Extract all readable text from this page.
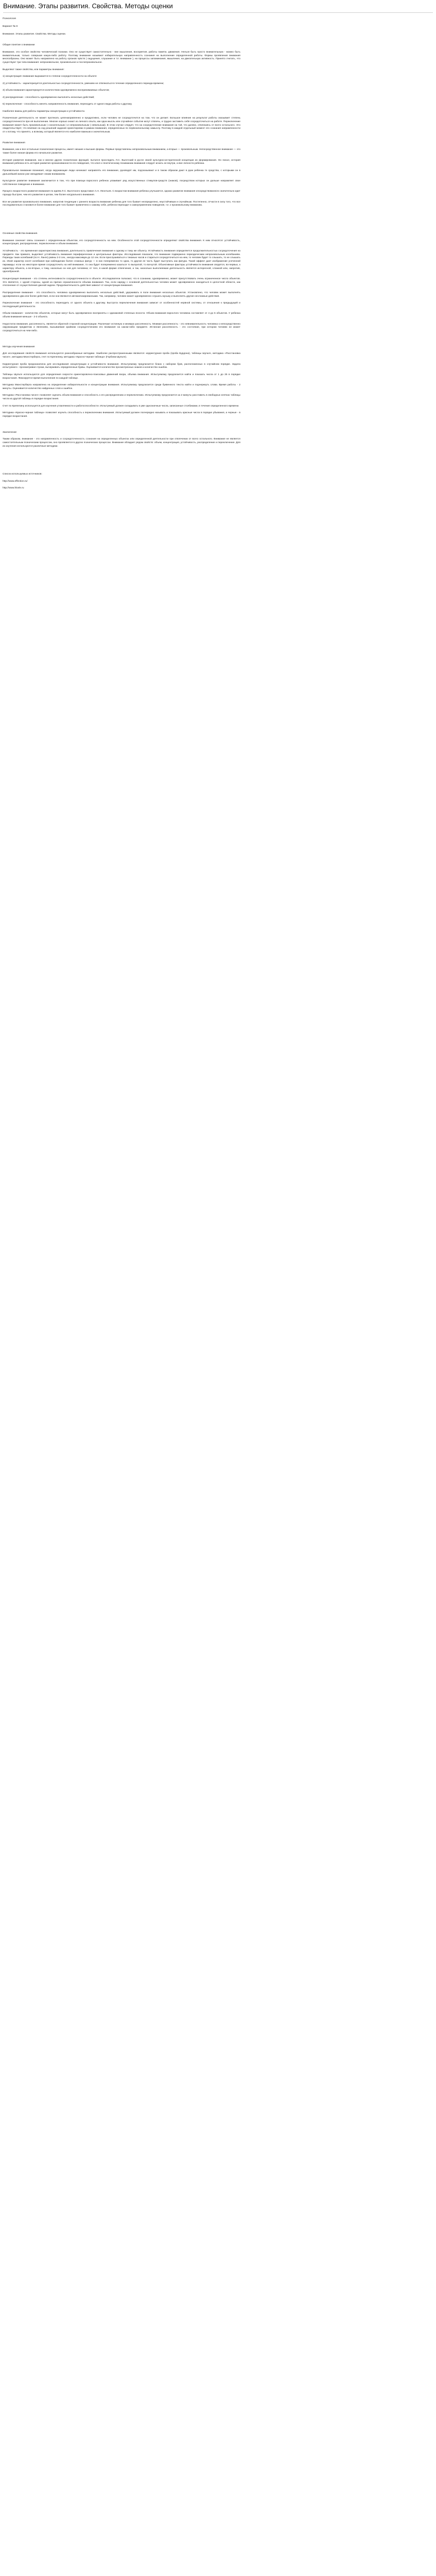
Внимание. Этапы развития. Свойства. Методы оценки

Психология

Вариант № 8

Внимание. Этапы развития. Свойства. Методы оценки.

Общие понятие о внимании

Внимание, это особое свойство человеческой психики. Оно не существует самостоятельно - вне мышления, восприятия, работы памяти, движения. Нельзя быть просто внимательным - можно быть внимательным, только совершая какую-либо работу. Поэтому внимание называют избирательную направленность сознания на выполнение определенной работы. Формы проявления внимания многообразны. Оно может быть направлено на работу органов чувств ( ощущения, слушание и т.п. внимание ), на процессы запоминания, мышления, на двигательную активность. Принято считать, что существуют три типа внимания: непроизвольное, произвольное и послепроизвольное.

Выделяют также свойства, или параметры внимания:

1) концентрация: внимание выражается в степени сосредоточенности на объекте

2) устойчивость - характеризуется длительностью сосредоточенности, умением не отвлекаться в течение определенного периода времени;

3) объем внимания характеризуется количеством одновременно воспринимаемых объектов;

4) распределение - способность одновременно выполнять несколько действий;

5) переключение - способность менять направленность внимания, переходить от одного вида работы к другому.

Наиболее важны для работы параметры концентрации и устойчивости.

Психическая деятельность не может протекать целенаправленно и продуктивно, если человек не сосредоточится на том, что он делает. Большое влияние на результат работы оказывает степень сосредоточенности при её выполнении. Многие хорошо знают из личного опыта, как одна мысль или случайное событие могут отвлечь, и трудно заставить себя сосредоточиться на работе. Переключение внимания может быть произвольным ( сознательным ) и непроизвольным ( невольным). В этом случае следует, что на сосредоточение внимания на той, что далеко, отвлекаясь от всего остального. Это свидетельствует, что влияние на ход решений задания ориентирован в рамках внимания, определенных по первоначальному замыслу. Поэтому в каждой отдельный момент его сознания направленности от к потому, что принято, а всякому, который является его наиболее важным и значительным.

Развитие внимания

Внимание, как и все остальные психические процессы, имеет низшие и высшие формы. Первые представлены непроизвольным вниманием, а вторые — произвольным. Непосредственное внимание — это также более низкая форма его начальное развитие.

История развития внимания, как и многих других психических функций, пытался проследить Л.С. Выготский в русле своей культурно-исторической концепции их формирования. Он писал, история внимания ребенка есть история развития организованности его поведения, что ключ к генетическому пониманию внимания следует искать не внутри, а вне личности ребенка.

Произвольное внимание возникает, когда окружающие люди начинают направлять его внимание, руководят им, подсказывают и в таком образом дают в руки ребенка те средства, с которыми он в дальнейшей жизни уже овладевает своим вниманием.

Культурное развитие внимания заключается в том, что при помощи взрослого ребенок усваивает ряд искусственных стимулов-средств (знаков), посредством которых он дальше направляет свое собственное поведение и внимание.

Процесс возрастного развития внимания по идеям Л.С. Выготского представил А.Н. Леонтьев. С возрастом внимания ребенка улучшается, однако развитие внимания опосредствованного значительно идет гораздо быстрее, чем его развитие в целом, тем более натурального внимания.

Все же развития произвольного внимания, напротив тенденции с раннего возраста внимание ребенка для того бывает неопределено, неустойчивым и случайным. Постепенно, отчасти в силу того, что все последовательно становится более внимание для того бывает привлечено к самому себе, ребенок переходит к самоуправлению поведения, т.е. к произвольному вниманию.

Основные свойства внимания.

Внимание означает связь сознания с определенным объектом, его сосредоточенность на нем. Особенности этой сосредоточенности определяют свойства внимания. К ним относятся: устойчивость, концентрация, распределение, переключение и объем внимания.

Устойчивость - это временная характеристика внимания, длительность привлечения внимания к одному и тому же объекту. Устойчивость внимания определяется продолжительностью сосредоточения на предмете. Как правило, выделяют устойчивость внимания периферические и центральные факторы. Исследования показали, что внимание подвержено периодическим непроизвольным колебаниям. Периоды таких колебаний (по Н. Ланге) равны 2-3 сек., иногда максимум до 12 сек. Если прислушиваться к тиканью часов и стараться сосредоточиться на нем, то человек будет то слышать, то не слышать их. Иной характер носят колебания при наблюдении более сложных фигур — в них попеременно то одна, то другая ее часть будет выступать как фигура. Такой эффект дает изображение усеченной пирамиды: если на некоторое время сосредоточить на ней внимание, то она будет попеременно казаться то выпуклой, то вогнутой. Объективные факторы устойчивости внимания сводятся, во-первых, к характеру объекта, а во-вторых, к тому, насколько он нов для человека; от того, в какой форме отвлечения, а так, насколько выполняемая деятельность является интересной, сложной или, напротив, однообразной.

Концентрация внимания - это степень интенсивности сосредоточенности в объекте. Исследователи полагают, что в сознании, одновременно, может присутствовать очень ограниченное число объектов. Это является, с одной стороны, одной из причин ограниченности объема внимания. Так, если наряду с основной деятельностью человек может одновременно находиться в целостной области, как отклонение от осуществления данной задачи. Продолжительность действия зависит от концентрации внимания.

Распределение внимания - это способность человека одновременно выполнять несколько действий, удерживать в поле внимания несколько объектов. Установлено, что человек может выполнять одновременно два или более действия, если они являются автоматизированными. Так, например, человек может одновременно слушать музыку и выполнять другие несложные действия.

Переключение внимания - это способность переходить от одного объекта к другому. Быстрота переключения внимания зависит от особенностей нервной системы, от отношения к предыдущей и последующей деятельности.

Объем внимания - количество объектов, которые могут быть одновременно восприняты с одинаковой степенью ясности. Объем внимания взрослого человека составляет от 4 до 6 объектов. У ребенка объем внимания меньше - 2-3 объекта.

Недостаток внимания, рассеянность, является обратной стороной концентрации. Различают истинную и мнимую рассеянность. Мнимая рассеянность - это невнимательность человека к непосредственно окружающим предметам и явлениям, вызываемая крайним сосредоточением его внимания на каком-либо предмете. Истинная рассеянность - это состояние, при котором человек не может сосредоточиться на чем-либо.

Методы изучения внимания

Для исследования свойств внимания используются разнообразные методики. Наиболее распространенными являются: корректурная проба (проба Бурдона), таблицы Шульте, методика «Расстановка чисел», методика Мюнстерберга, счет по Крепелину, методика «Красно-черная таблица» (Горбова-Шульте).

Корректурная проба предназначена для исследования концентрации и устойчивости внимания. Испытуемому предлагается бланк с набором букв, расположенных в случайном порядке. Задача испытуемого - просматривая строки, вычеркивать определенные буквы. Оценивается количество просмотренных знаков и количество ошибок.

Таблицы Шульте используются для определения скорости ориентировочно-поисковых движений взора, объема внимания. Испытуемому предлагается найти и показать числа от 1 до 25 в порядке возрастания. Фиксируется время выполнения по каждой таблице.

Методика Мюнстерберга направлена на определение избирательности и концентрации внимания. Испытуемому предлагается среди буквенного текста найти и подчеркнуть слова. Время работы - 2 минуты. Оценивается количество найденных слов и ошибок.

Методика «Расстановка чисел» позволяет оценить объем внимания и способность к его распределению и переключению. Испытуемому предлагается за 2 минуты расставить в свободных клетках таблицы числа из другой таблицы в порядке возрастания.

Счет по Крепелину используется для изучения утомляемости и работоспособности. Испытуемый должен складывать в уме однозначные числа, записанные столбиками, в течение определенного времени.

Методика «Красно-черная таблица» позволяет изучить способность к переключению внимания. Испытуемый должен поочередно называть и показывать красные числа в порядке убывания, а черные - в порядке возрастания.

Заключение

Таким образом, внимание - это направленность и сосредоточенность сознания на определенных объектах или определенной деятельности при отвлечении от всего остального. Внимание не является самостоятельным психическим процессом, оно проявляется в других психических процессах. Внимание обладает рядом свойств: объем, концентрация, устойчивость, распределение и переключение. Для их изучения используются различные методики.

Список используемых источников:

http://www.effection.ru/

http://www.hlovle.ru
